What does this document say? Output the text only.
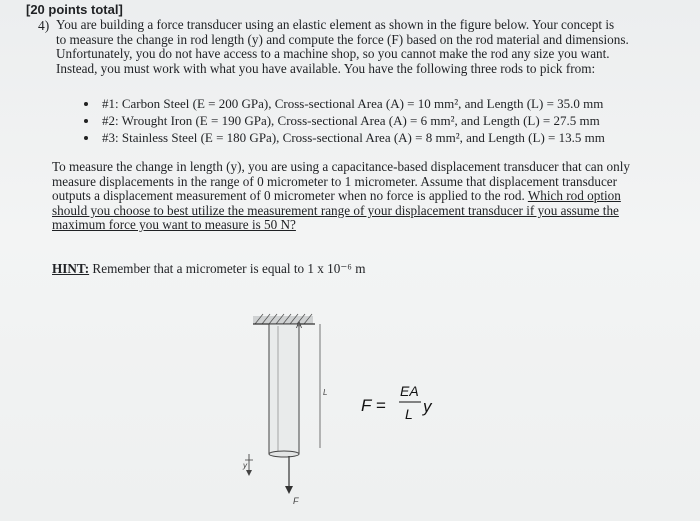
[20 points total]
4) You are building a force transducer using an elastic element as shown in the figure below. Your concept is
to measure the change in rod length (y) and compute the force (F) based on the rod material and dimensions.
Unfortunately, you do not have access to a machine shop, so you cannot make the rod any size you want.
Instead, you must work with what you have available. You have the following three rods to pick from:
#1: Carbon Steel (E = 200 GPa), Cross-sectional Area (A) = 10 mm², and Length (L) = 35.0 mm
#2: Wrought Iron (E = 190 GPa), Cross-sectional Area (A) = 6 mm², and Length (L) = 27.5 mm
#3: Stainless Steel (E = 180 GPa), Cross-sectional Area (A) = 8 mm², and Length (L) = 13.5 mm
To measure the change in length (y), you are using a capacitance-based displacement transducer that can only
measure displacements in the range of 0 micrometer to 1 micrometer. Assume that displacement transducer
outputs a displacement measurement of 0 micrometer when no force is applied to the rod. Which rod option
should you choose to best utilize the measurement range of your displacement transducer if you assume the
maximum force you want to measure is 50 N?
HINT: Remember that a micrometer is equal to 1 x 10⁻⁶ m
A
L
y
F
F =
EA
L y
